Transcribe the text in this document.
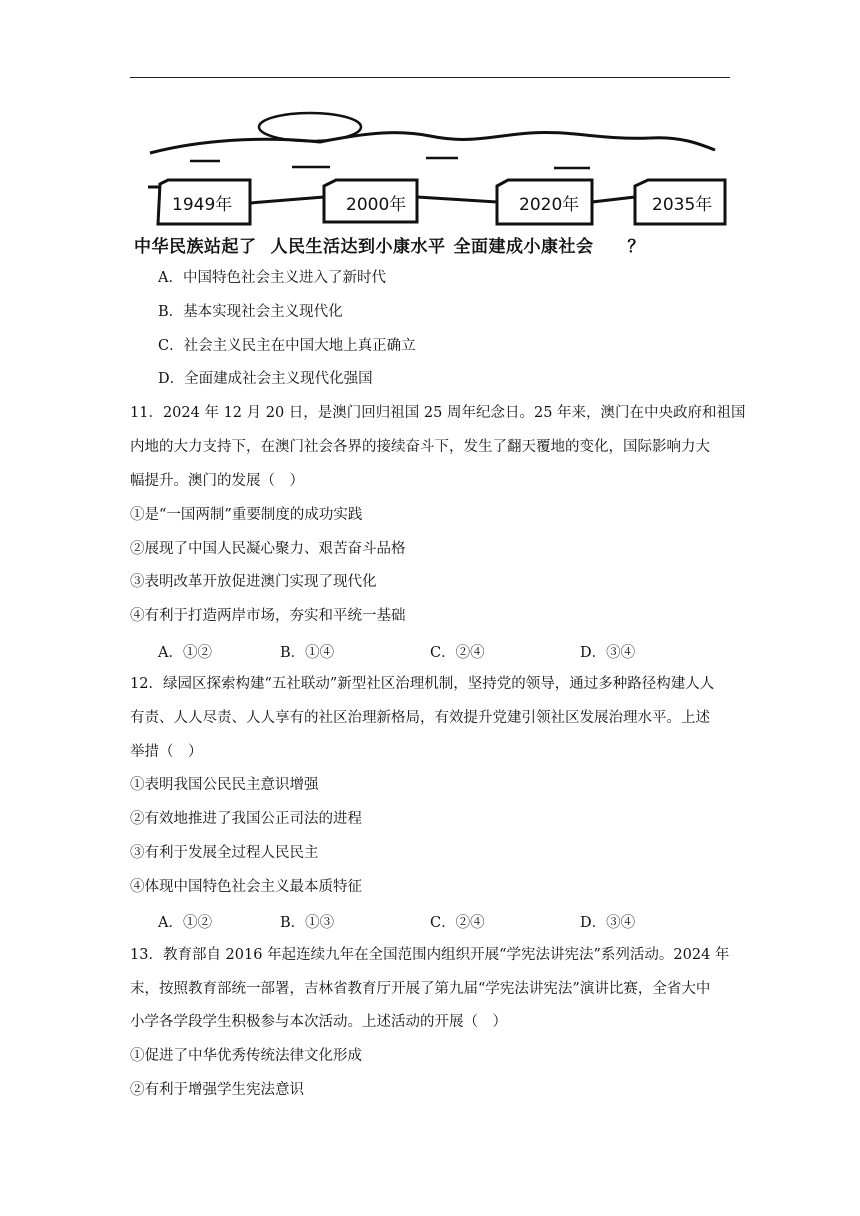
1949年	2000年	2020年	2035年
中华民族站起了 人民生活达到小康水平 全面建成小康社会 ？
A．中国特色社会主义进入了新时代
B．基本实现社会主义现代化
C．社会主义民主在中国大地上真正确立
D．全面建成社会主义现代化强国
11．2024 年 12 月 20 日，是澳门回归祖国 25 周年纪念日。25 年来，澳门在中央政府和祖国
内地的大力支持下，在澳门社会各界的接续奋斗下，发生了翻天覆地的变化，国际影响力大
幅提升。澳门的发展（　）
①是“一国两制”重要制度的成功实践
②展现了中国人民凝心聚力、艰苦奋斗品格
③表明改革开放促进澳门实现了现代化
④有利于打造两岸市场，夯实和平统一基础
A．①②	B．①④	C．②④	D．③④
12．绿园区探索构建“五社联动”新型社区治理机制，坚持党的领导，通过多种路径构建人人
有责、人人尽责、人人享有的社区治理新格局，有效提升党建引领社区发展治理水平。上述
举措（　）
①表明我国公民民主意识增强
②有效地推进了我国公正司法的进程
③有利于发展全过程人民民主
④体现中国特色社会主义最本质特征
A．①②	B．①③	C．②④	D．③④
13．教育部自 2016 年起连续九年在全国范围内组织开展“学宪法讲宪法”系列活动。2024 年
末，按照教育部统一部署，吉林省教育厅开展了第九届“学宪法讲宪法”演讲比赛，全省大中
小学各学段学生积极参与本次活动。上述活动的开展（　）
①促进了中华优秀传统法律文化形成
②有利于增强学生宪法意识
